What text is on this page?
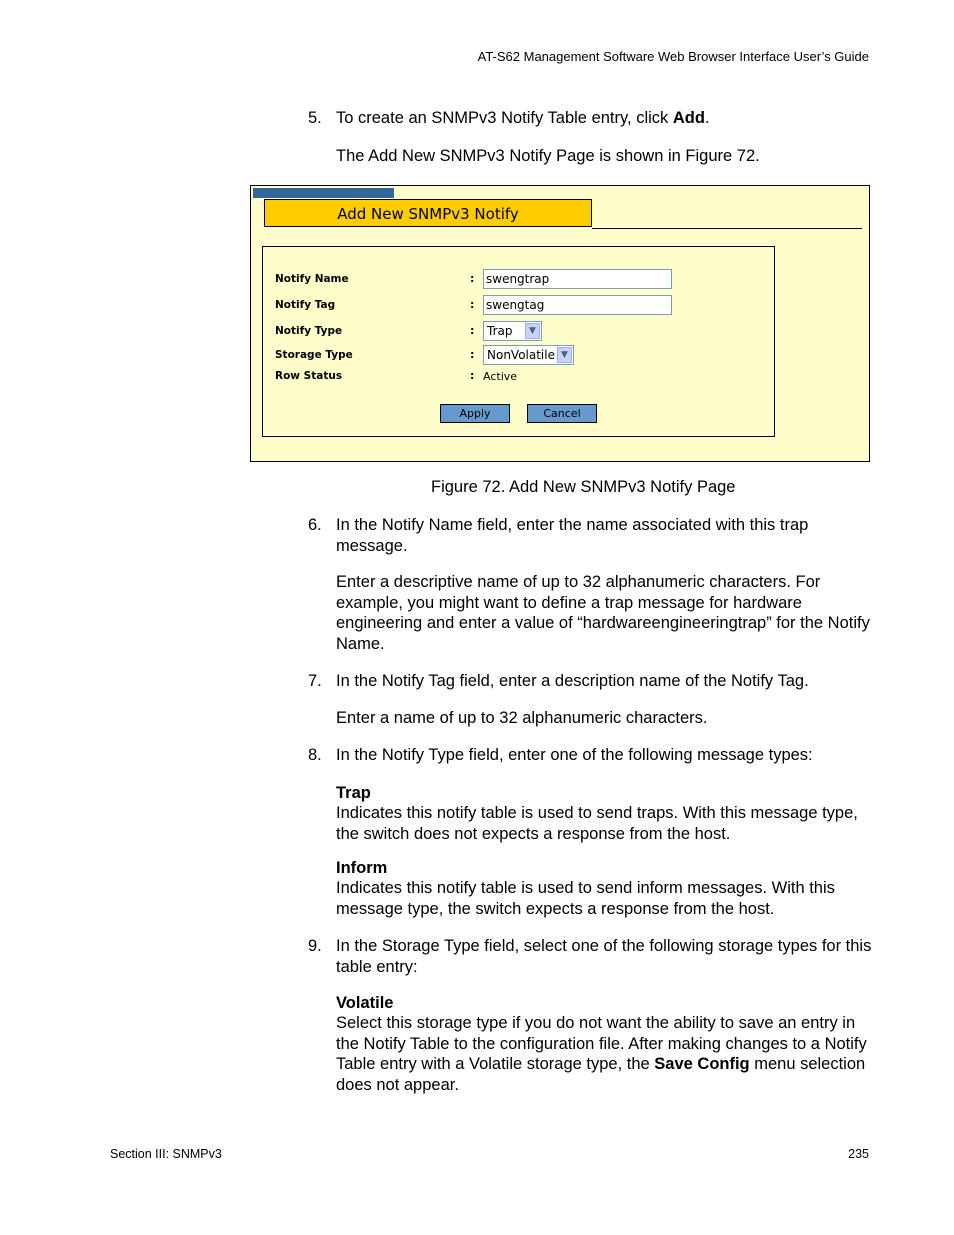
AT-S62 Management Software Web Browser Interface User’s Guide
5. To create an SNMPv3 Notify Table entry, click Add.
The Add New SNMPv3 Notify Page is shown in Figure 72.
Add New SNMPv3 Notify
Notify Name	: swengtrap
Notify Tag	: swengtag
Notify Type	:	Trap	▼
Storage Type	:	NonVolatile ▼
Row Status	: Active
Apply	Cancel
Figure 72. Add New SNMPv3 Notify Page
6. In the Notify Name field, enter the name associated with this trap message.
Enter a descriptive name of up to 32 alphanumeric characters. For example, you might want to define a trap message for hardware engineering and enter a value of “hardwareengineeringtrap” for the Notify Name.
7. In the Notify Tag field, enter a description name of the Notify Tag.
Enter a name of up to 32 alphanumeric characters.
8. In the Notify Type field, enter one of the following message types:
Trap
Indicates this notify table is used to send traps. With this message type, the switch does not expects a response from the host.
Inform
Indicates this notify table is used to send inform messages. With this message type, the switch expects a response from the host.
9. In the Storage Type field, select one of the following storage types for this table entry:
Volatile
Select this storage type if you do not want the ability to save an entry in the Notify Table to the configuration file. After making changes to a Notify Table entry with a Volatile storage type, the Save Config menu selection does not appear.
Section III: SNMPv3	235
